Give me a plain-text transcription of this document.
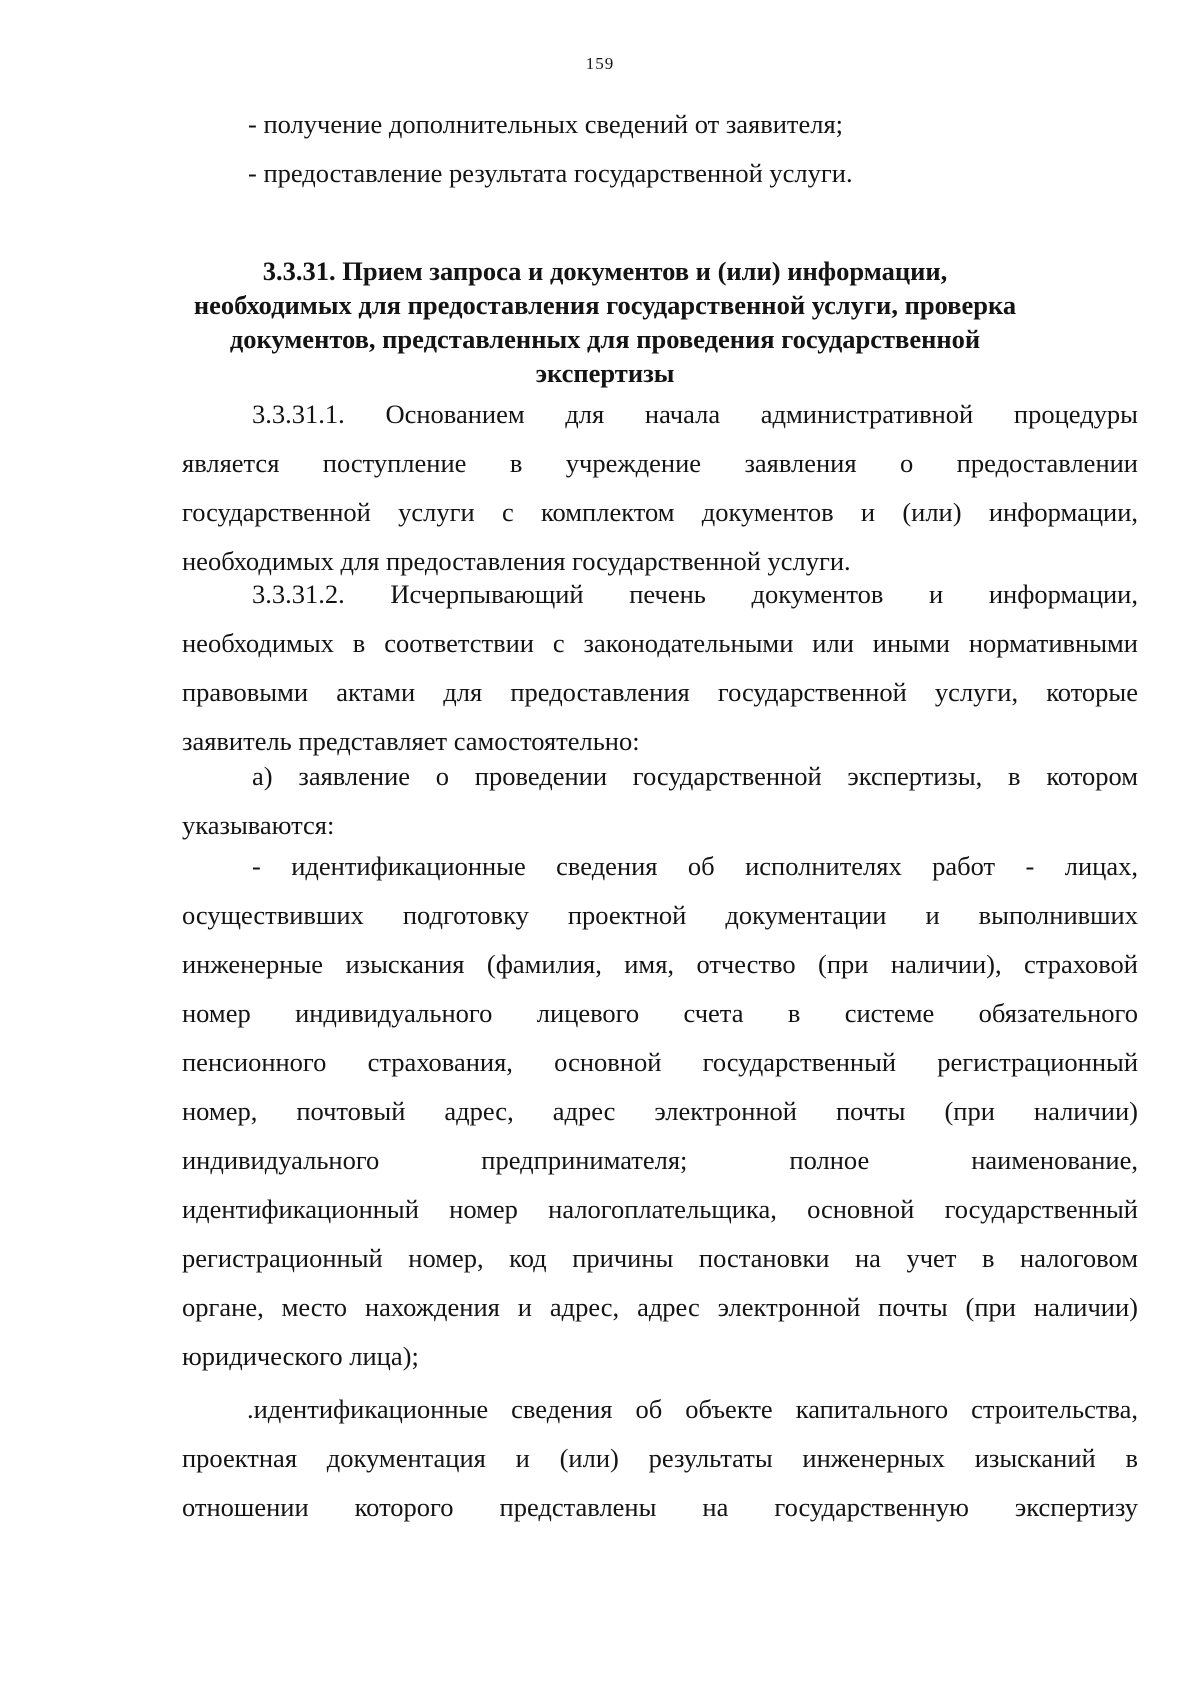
159
- получение дополнительных сведений от заявителя;
- предоставление результата государственной услуги.
3.3.31. Прием запроса и документов и (или) информации,
необходимых для предоставления государственной услуги, проверка
документов, представленных для проведения государственной
экспертизы
3.3.31.1. Основанием для начала административной процедуры
является поступление в учреждение заявления о предоставлении
государственной услуги с комплектом документов и (или) информации,
необходимых для предоставления государственной услуги.
3.3.31.2. Исчерпывающий печень документов и информации,
необходимых в соответствии с законодательными или иными нормативными
правовыми актами для предоставления государственной услуги, которые
заявитель представляет самостоятельно:
а) заявление о проведении государственной экспертизы, в котором
указываются:
- идентификационные сведения об исполнителях работ - лицах,
осуществивших подготовку проектной документации и выполнивших
инженерные изыскания (фамилия, имя, отчество (при наличии), страховой
номер индивидуального лицевого счета в системе обязательного
пенсионного страхования, основной государственный регистрационный
номер, почтовый адрес, адрес электронной почты (при наличии)
индивидуального предпринимателя; полное наименование,
идентификационный номер налогоплательщика, основной государственный
регистрационный номер, код причины постановки на учет в налоговом
органе, место нахождения и адрес, адрес электронной почты (при наличии)
юридического лица);
.идентификационные сведения об объекте капитального строительства,
проектная документация и (или) результаты инженерных изысканий в
отношении которого представлены на государственную экспертизу
